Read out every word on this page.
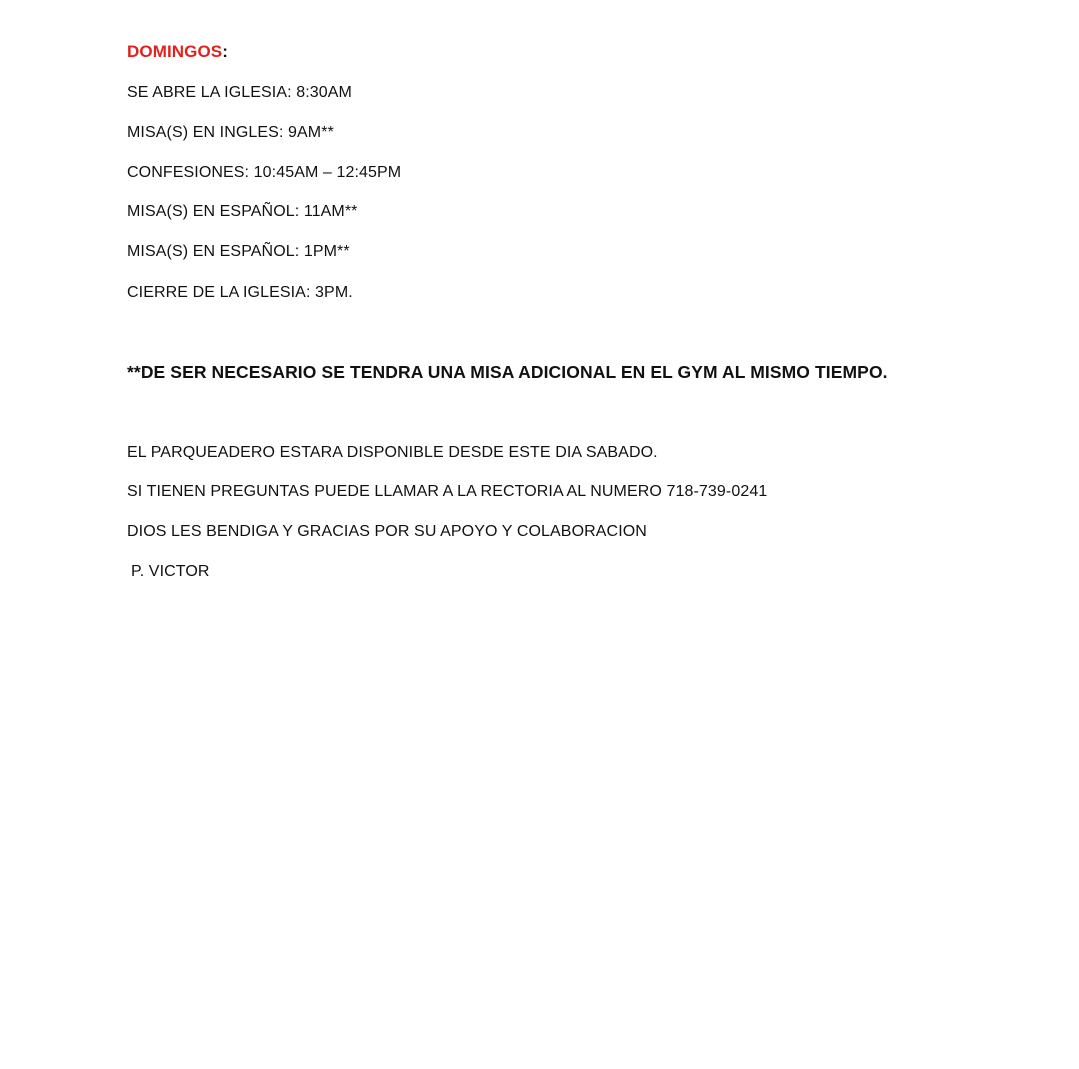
DOMINGOS:
SE ABRE LA IGLESIA: 8:30AM
MISA(S) EN INGLES: 9AM**
CONFESIONES: 10:45AM – 12:45PM
MISA(S) EN ESPAÑOL: 11AM**
MISA(S) EN ESPAÑOL: 1PM**
CIERRE DE LA IGLESIA: 3PM.
**DE SER NECESARIO SE TENDRA UNA MISA ADICIONAL EN EL GYM AL MISMO TIEMPO.
EL PARQUEADERO ESTARA DISPONIBLE DESDE ESTE DIA SABADO.
SI TIENEN PREGUNTAS PUEDE LLAMAR A LA RECTORIA AL NUMERO 718-739-0241
DIOS LES BENDIGA Y GRACIAS POR SU APOYO Y COLABORACION
P. VICTOR
